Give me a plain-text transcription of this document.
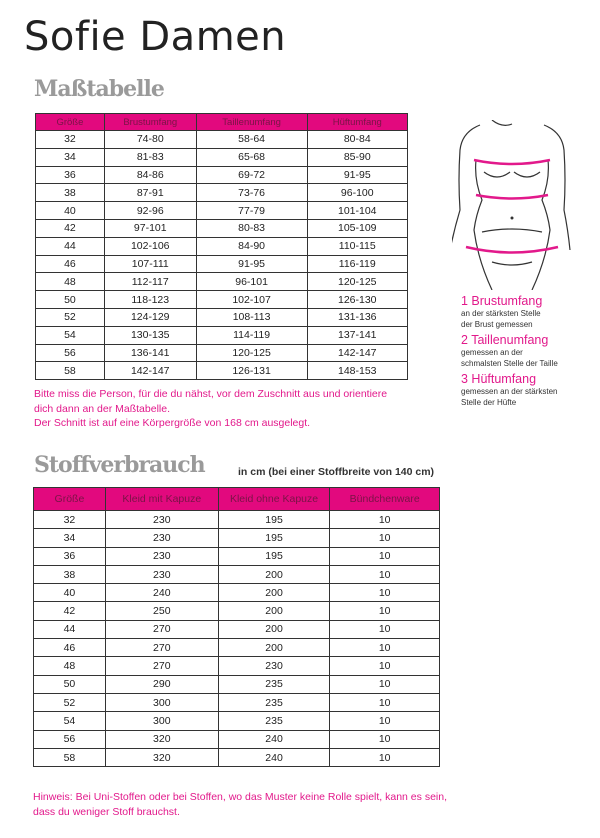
Sofie Damen
Maßtabelle
Größe	Brustumfang	Taillenumfang	Hüftumfang
32	74-80	58-64	80-84
34	81-83	65-68	85-90
36	84-86	69-72	91-95
38	87-91	73-76	96-100
40	92-96	77-79	101-104
42	97-101	80-83	105-109
44	102-106	84-90	110-115
46	107-111	91-95	116-119
48	112-117	96-101	120-125
50	118-123	102-107	126-130
52	124-129	108-113	131-136
54	130-135	114-119	137-141
56	136-141	120-125	142-147
58	142-147	126-131	148-153
Bitte miss die Person, für die du nähst, vor dem Zuschnitt aus und orientiere
dich dann an der Maßtabelle.
Der Schnitt ist auf eine Körpergröße von 168 cm ausgelegt.
1 Brustumfang
an der stärksten Stelle
der Brust gemessen
2 Taillenumfang
gemessen an der
schmalsten Stelle der Taille
3 Hüftumfang
gemessen an der stärksten
Stelle der Hüfte
Stoffverbrauch	in cm (bei einer Stoffbreite von 140 cm)
Größe	Kleid mit Kapuze	Kleid ohne Kapuze	Bündchenware
32	230	195	10
34	230	195	10
36	230	195	10
38	230	200	10
40	240	200	10
42	250	200	10
44	270	200	10
46	270	200	10
48	270	230	10
50	290	235	10
52	300	235	10
54	300	235	10
56	320	240	10
58	320	240	10
Hinweis: Bei Uni-Stoffen oder bei Stoffen, wo das Muster keine Rolle spielt, kann es sein,
dass du weniger Stoff brauchst.
